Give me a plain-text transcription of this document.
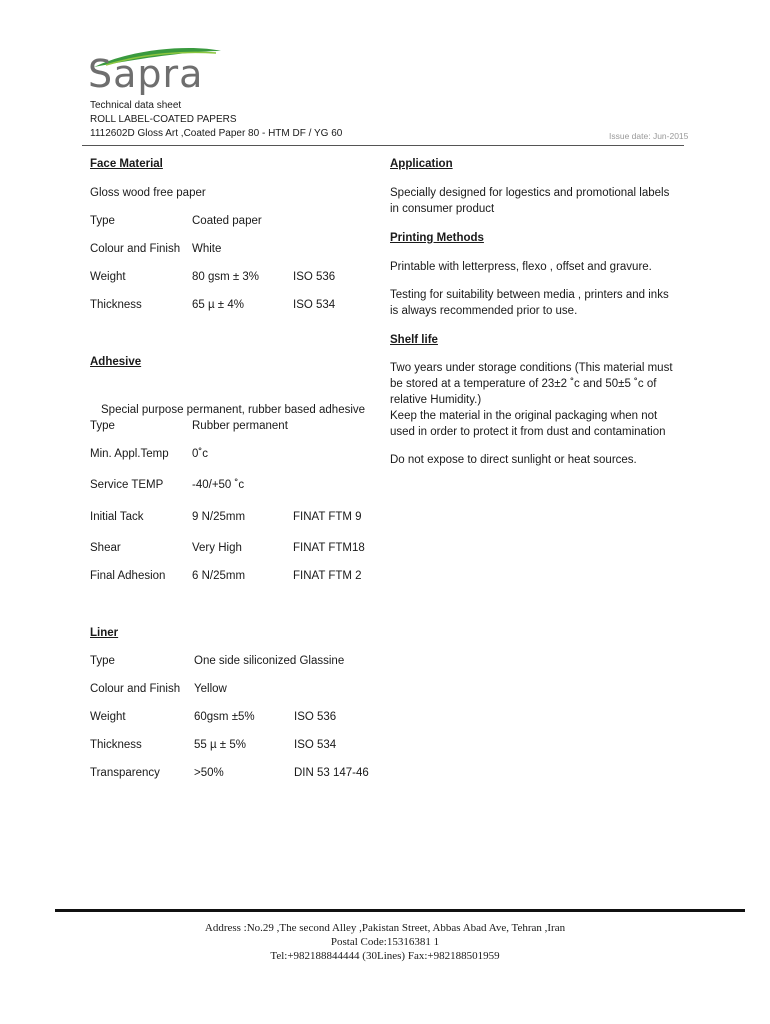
Sapra
Technical data sheet
ROLL LABEL-COATED PAPERS
1112602D Gloss Art ,Coated Paper 80 - HTM DF / YG 60	Issue date: Jun-2015
Face Material
Gloss wood free paper
Adhesive
Special purpose permanent, rubber based adhesive
Liner
Application
Specially designed for logestics and promotional labels
in consumer product
Printing Methods
Printable with letterpress, flexo , offset and gravure.
Testing for suitability between media , printers and inks
is always recommended prior to use.
Shelf life
Two years under storage conditions (This material must
be stored at a temperature of 23±2 ˚c and 50±5 ˚c of
relative Humidity.)
Keep the material in the original packaging when not
used in order to protect it from dust and contamination
Do not expose to direct sunlight or heat sources.
Address :No.29 ,The second Alley ,Pakistan Street, Abbas Abad Ave, Tehran ,Iran
Postal Code:15316381 1
Tel:+982188844444 (30Lines) Fax:+982188501959
Type	Coated paper
Colour and Finish White
Weight	80 gsm ± 3%	ISO 536
Thickness	65 µ ± 4%	ISO 534
Type	Rubber permanent
Min. Appl.Temp 0˚c
Service TEMP -40/+50 ˚c
Initial Tack	9 N/25mm	FINAT FTM 9
Shear	Very High	FINAT FTM18
Final Adhesion 6 N/25mm	FINAT FTM 2
Type	One side siliconized Glassine
Colour and Finish Yellow
Weight	60gsm ±5%	ISO 536
Thickness	55 µ ± 5%	ISO 534
Transparency	>50%	DIN 53 147-46
